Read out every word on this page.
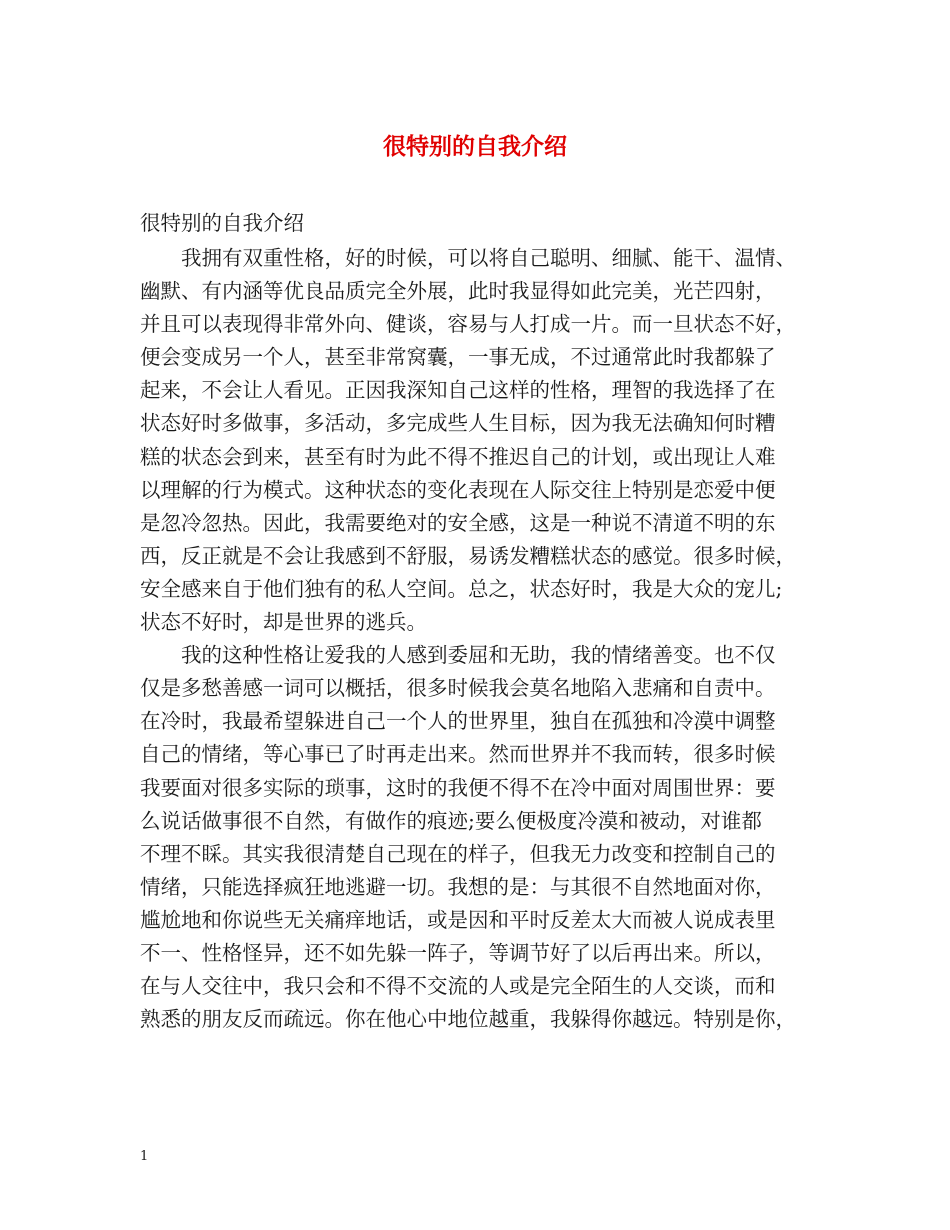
很特别的自我介绍
很特别的自我介绍
我拥有双重性格，好的时候，可以将自己聪明、细腻、能干、温情、
幽默、有内涵等优良品质完全外展，此时我显得如此完美，光芒四射，
并且可以表现得非常外向、健谈，容易与人打成一片。而一旦状态不好，
便会变成另一个人，甚至非常窝囊，一事无成，不过通常此时我都躲了
起来，不会让人看见。正因我深知自己这样的性格，理智的我选择了在
状态好时多做事，多活动，多完成些人生目标，因为我无法确知何时糟
糕的状态会到来，甚至有时为此不得不推迟自己的计划，或出现让人难
以理解的行为模式。这种状态的变化表现在人际交往上特别是恋爱中便
是忽冷忽热。因此，我需要绝对的安全感，这是一种说不清道不明的东
西，反正就是不会让我感到不舒服，易诱发糟糕状态的感觉。很多时候，
安全感来自于他们独有的私人空间。总之，状态好时，我是大众的宠儿;
状态不好时，却是世界的逃兵。
我的这种性格让爱我的人感到委屈和无助，我的情绪善变。也不仅
仅是多愁善感一词可以概括，很多时候我会莫名地陷入悲痛和自责中。
在冷时，我最希望躲进自己一个人的世界里，独自在孤独和冷漠中调整
自己的情绪，等心事已了时再走出来。然而世界并不我而转，很多时候
我要面对很多实际的琐事，这时的我便不得不在冷中面对周围世界：要
么说话做事很不自然，有做作的痕迹;要么便极度冷漠和被动，对谁都
不理不睬。其实我很清楚自己现在的样子，但我无力改变和控制自己的
情绪，只能选择疯狂地逃避一切。我想的是：与其很不自然地面对你，
尴尬地和你说些无关痛痒地话，或是因和平时反差太大而被人说成表里
不一、性格怪异，还不如先躲一阵子，等调节好了以后再出来。所以，
在与人交往中，我只会和不得不交流的人或是完全陌生的人交谈，而和
熟悉的朋友反而疏远。你在他心中地位越重，我躲得你越远。特别是你，
1
